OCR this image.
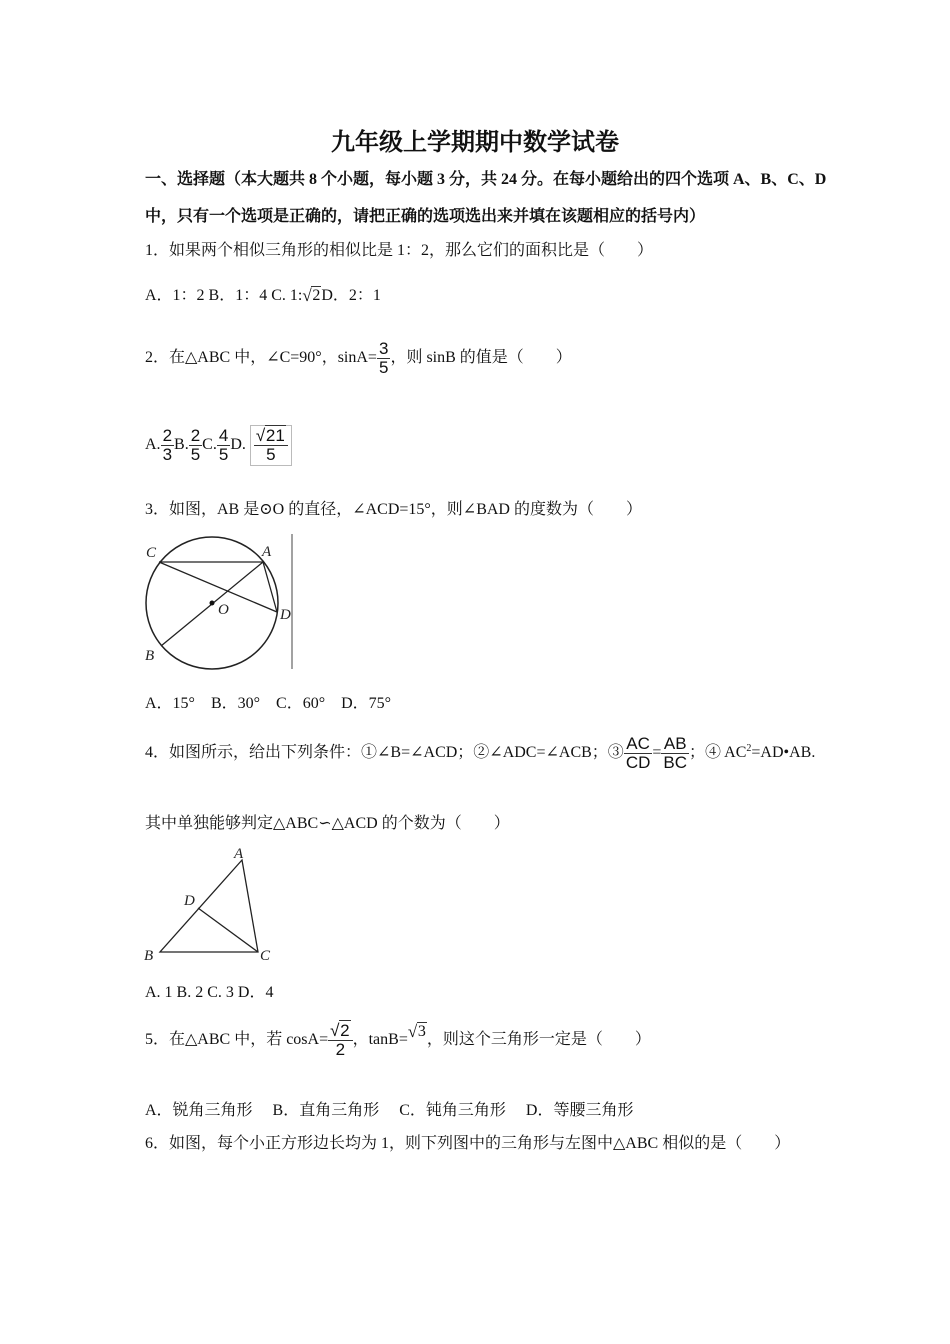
九年级上学期期中数学试卷
一、选择题（本大题共 8 个小题，每小题 3 分，共 24 分。在每小题给出的四个选项 A、B、C、D
中，只有一个选项是正确的，请把正确的选项选出来并填在该题相应的括号内）
1．如果两个相似三角形的相似比是 1：2，那么它们的面积比是（　　）
A．1：2 B．1：4 C. 1: √ 2D．2：1
2．在△ABC 中，∠C=90°，$\sin A= \frac{3}{5}$ ，则 sinB 的值是（　　）
A. $\frac{2}{3} B$. $\frac{2}{5} C$. $\frac{4}{5} D$. $\frac{√ 21}{5}$
3．如图，AB 是⊙O 的直径，∠ACD=15°，则∠BAD 的度数为（　　）
C	A
O	D
B
A．15°　B．30°　C．60°　D．75°
4．如图所示，给出下列条件：①∠B=∠ACD；②∠ADC=∠ACB；③ $\frac{AC}{CD} = \frac{AB}{BC}$ ；④ $AC^2=AD•AB$.
其中单独能够判定△ABC∽△ACD 的个数为（　　）
A
D
B	C
A. 1 B. 2 C. 3 D．4
5．在△ABC 中，若 $\cos A= \frac{√ 2}{2}$ ，tanB= √ 3，则这个三角形一定是（　　）
A．锐角三角形　 B．直角三角形　 C．钝角三角形　 D．等腰三角形
6．如图，每个小正方形边长均为 1，则下列图中的三角形与左图中△ABC 相似的是（　　）
